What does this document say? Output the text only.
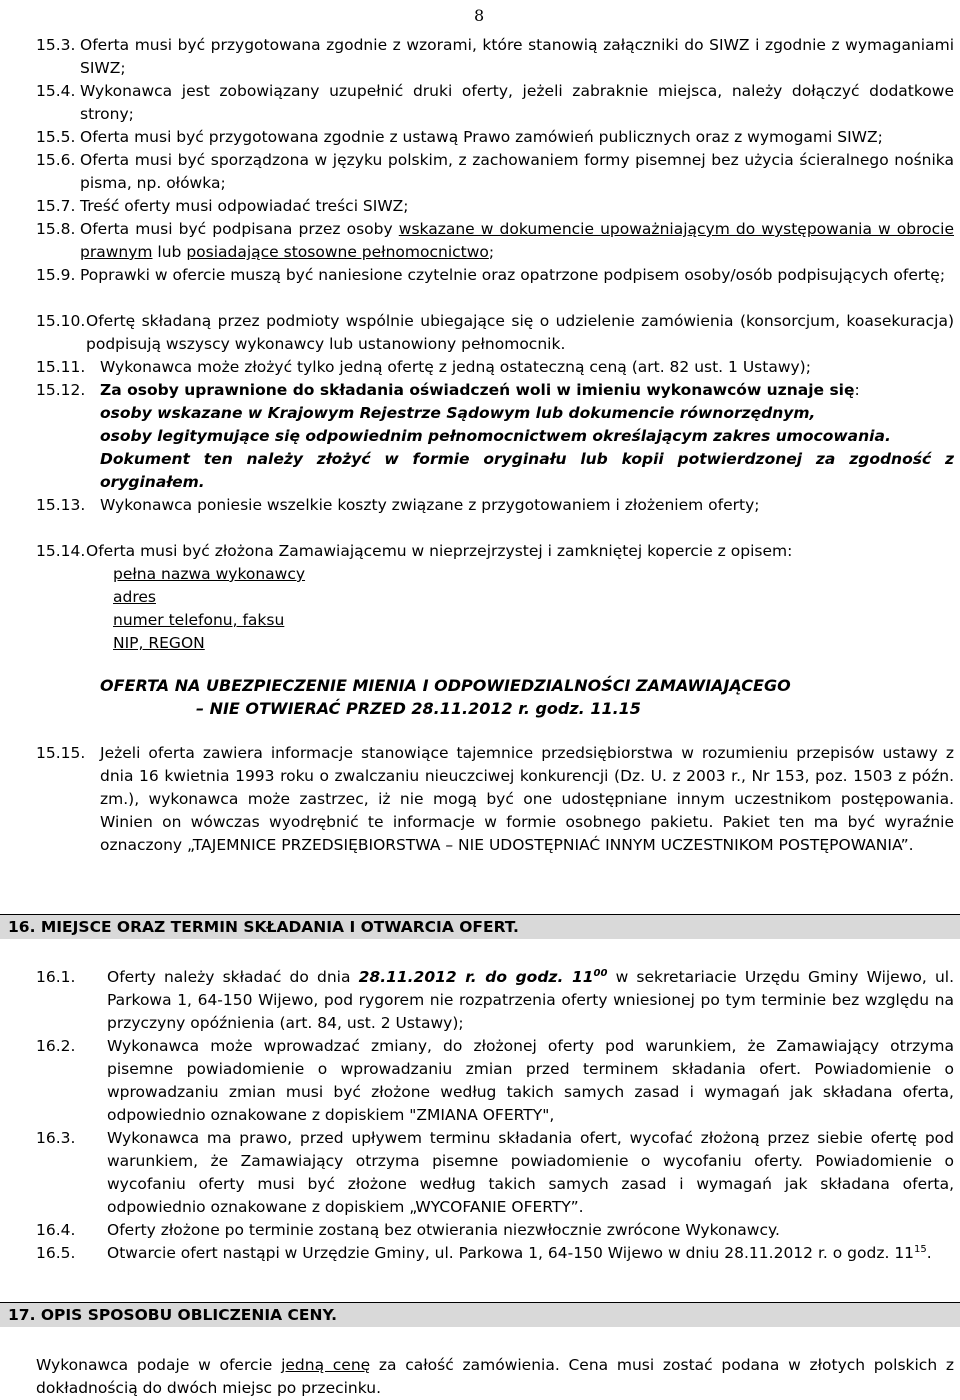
8
15.3. Oferta musi być przygotowana zgodnie z wzorami, które stanowią załączniki do SIWZ i zgodnie z wymaganiami SIWZ;
15.4. Wykonawca jest zobowiązany uzupełnić druki oferty, jeżeli zabraknie miejsca, należy dołączyć dodatkowe strony;
15.5. Oferta musi być przygotowana zgodnie z ustawą Prawo zamówień publicznych oraz z wymogami SIWZ;
15.6. Oferta musi być sporządzona w języku polskim, z zachowaniem formy pisemnej bez użycia ścieralnego nośnika pisma, np. ołówka;
15.7. Treść oferty musi odpowiadać treści SIWZ;
15.8. Oferta musi być podpisana przez osoby wskazane w dokumencie upoważniającym do występowania w obrocie prawnym lub posiadające stosowne pełnomocnictwo;
15.9. Poprawki w ofercie muszą być naniesione czytelnie oraz opatrzone podpisem osoby/osób podpisujących ofertę;
15.10. Ofertę składaną przez podmioty wspólnie ubiegające się o udzielenie zamówienia (konsorcjum, koasekuracja) podpisują wszyscy wykonawcy lub ustanowiony pełnomocnik.
15.11. Wykonawca może złożyć tylko jedną ofertę z jedną ostateczną ceną (art. 82 ust. 1 Ustawy);
15.12. Za osoby uprawnione do składania oświadczeń woli w imieniu wykonawców uznaje się:

osoby wskazane w Krajowym Rejestrze Sądowym lub dokumencie równorzędnym,

osoby legitymujące się odpowiednim pełnomocnictwem określającym zakres umocowania.

Dokument ten należy złożyć w formie oryginału lub kopii potwierdzonej za zgodność z oryginałem.

15.13. Wykonawca poniesie wszelkie koszty związane z przygotowaniem i złożeniem oferty;
15.14. Oferta musi być złożona Zamawiającemu w nieprzejrzystej i zamkniętej kopercie z opisem:
pełna nazwa wykonawcy
adres
numer telefonu, faksu
NIP, REGON
OFERTA NA UBEZPIECZENIE MIENIA I ODPOWIEDZIALNOŚCI ZAMAWIAJĄCEGO
– NIE OTWIERAĆ PRZED 28.11.2012 r. godz. 11.15
15.15. Jeżeli oferta zawiera informacje stanowiące tajemnice przedsiębiorstwa w rozumieniu przepisów ustawy z dnia 16 kwietnia 1993 roku o zwalczaniu nieuczciwej konkurencji (Dz. U. z 2003 r., Nr 153, poz. 1503 z późn. zm.), wykonawca może zastrzec, iż nie mogą być one udostępniane innym uczestnikom postępowania. Winien on wówczas wyodrębnić te informacje w formie osobnego pakietu. Pakiet ten ma być wyraźnie oznaczony „TAJEMNICE PRZEDSIĘBIORSTWA – NIE UDOSTĘPNIAĆ INNYM UCZESTNIKOM POSTĘPOWANIA”.
16. MIEJSCE ORAZ TERMIN SKŁADANIA I OTWARCIA OFERT.
16.1. Oferty należy składać do dnia 28.11.2012 r. do godz. $11^{00}$ w sekretariacie Urzędu Gminy Wijewo, ul. Parkowa 1, 64-150 Wijewo, pod rygorem nie rozpatrzenia oferty wniesionej po tym terminie bez względu na przyczyny opóźnienia (art. 84, ust. 2 Ustawy);
16.2. Wykonawca może wprowadzać zmiany, do złożonej oferty pod warunkiem, że Zamawiający otrzyma pisemne powiadomienie o wprowadzaniu zmian przed terminem składania ofert. Powiadomienie o wprowadzaniu zmian musi być złożone według takich samych zasad i wymagań jak składana oferta, odpowiednio oznakowane z dopiskiem "ZMIANA OFERTY",
16.3. Wykonawca ma prawo, przed upływem terminu składania ofert, wycofać złożoną przez siebie ofertę pod warunkiem, że Zamawiający otrzyma pisemne powiadomienie o wycofaniu oferty. Powiadomienie o wycofaniu oferty musi być złożone według takich samych zasad i wymagań jak składana oferta, odpowiednio oznakowane z dopiskiem „WYCOFANIE OFERTY”.
16.4. Oferty złożone po terminie zostaną bez otwierania niezwłocznie zwrócone Wykonawcy.
16.5. Otwarcie ofert nastąpi w Urzędzie Gminy, ul. Parkowa 1, 64-150 Wijewo w dniu 28.11.2012 r. o godz. $11^{15}$.
17. OPIS SPOSOBU OBLICZENIA CENY.
Wykonawca podaje w ofercie jedną cenę za całość zamówienia. Cena musi zostać podana w złotych polskich z dokładnością do dwóch miejsc po przecinku.
